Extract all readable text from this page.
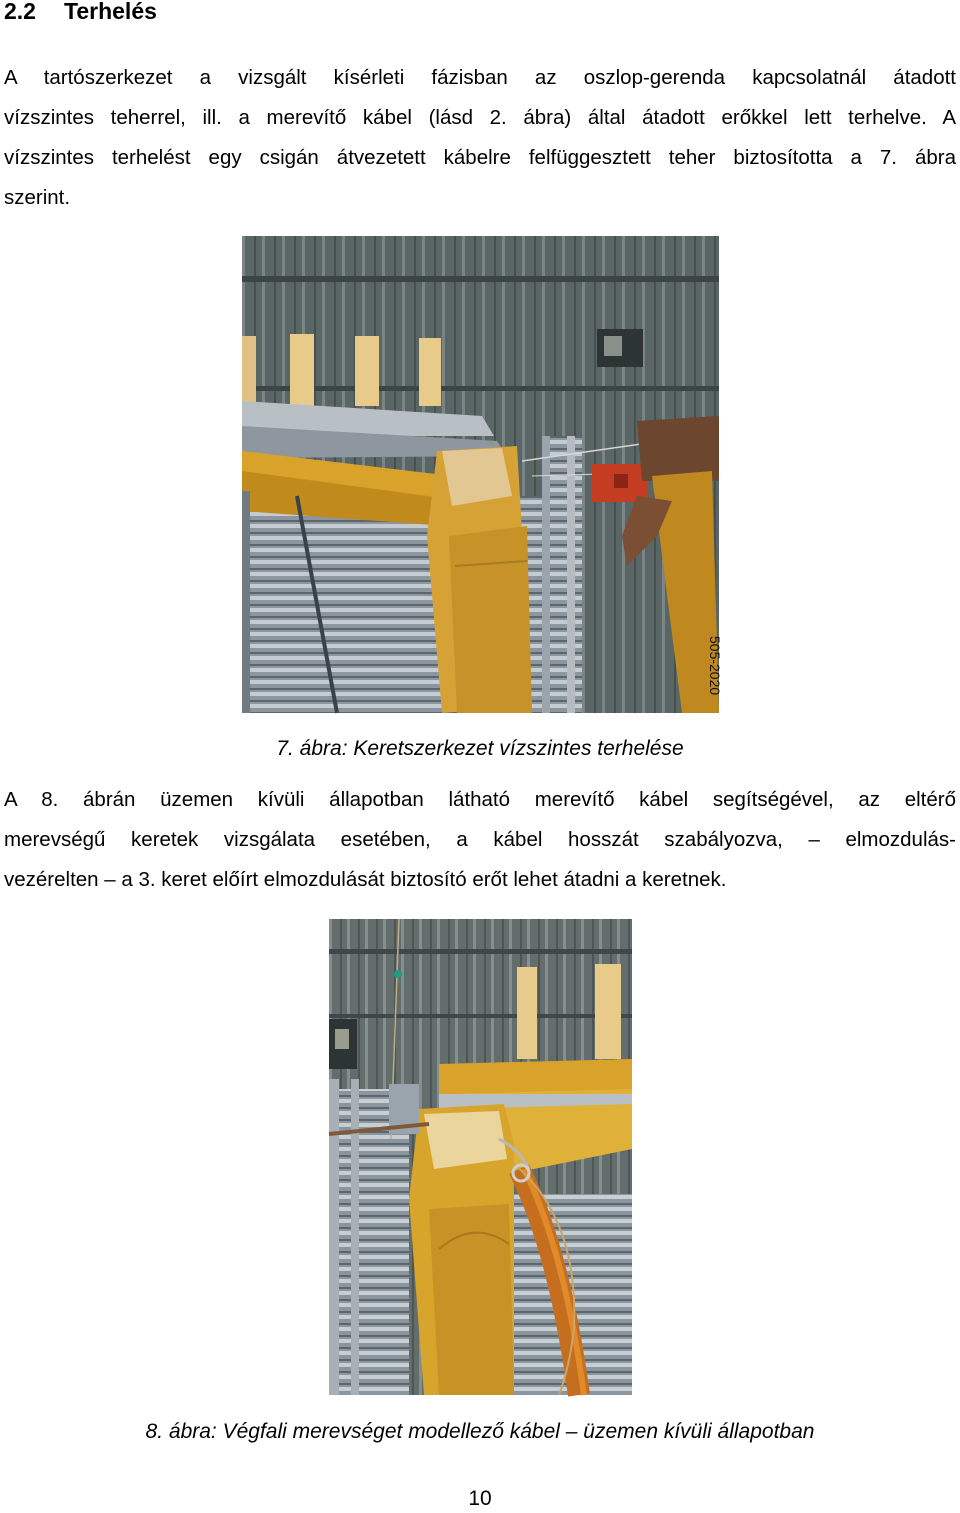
2.2 Terhelés
A tartószerkezet a vizsgált kísérleti fázisban az oszlop-gerenda kapcsolatnál átadott
vízszintes teherrel, ill. a merevítő kábel (lásd 2. ábra) által átadott erőkkel lett terhelve. A
vízszintes terhelést egy csigán átvezetett kábelre felfüggesztett teher biztosította a 7. ábra
szerint.
505-2020
7. ábra: Keretszerkezet vízszintes terhelése
A 8. ábrán üzemen kívüli állapotban látható merevítő kábel segítségével, az eltérő
merevségű keretek vizsgálata esetében, a kábel hosszát szabályozva, – elmozdulás-
vezérelten – a 3. keret előírt elmozdulását biztosító erőt lehet átadni a keretnek.
8. ábra: Végfali merevséget modellező kábel – üzemen kívüli állapotban
10
